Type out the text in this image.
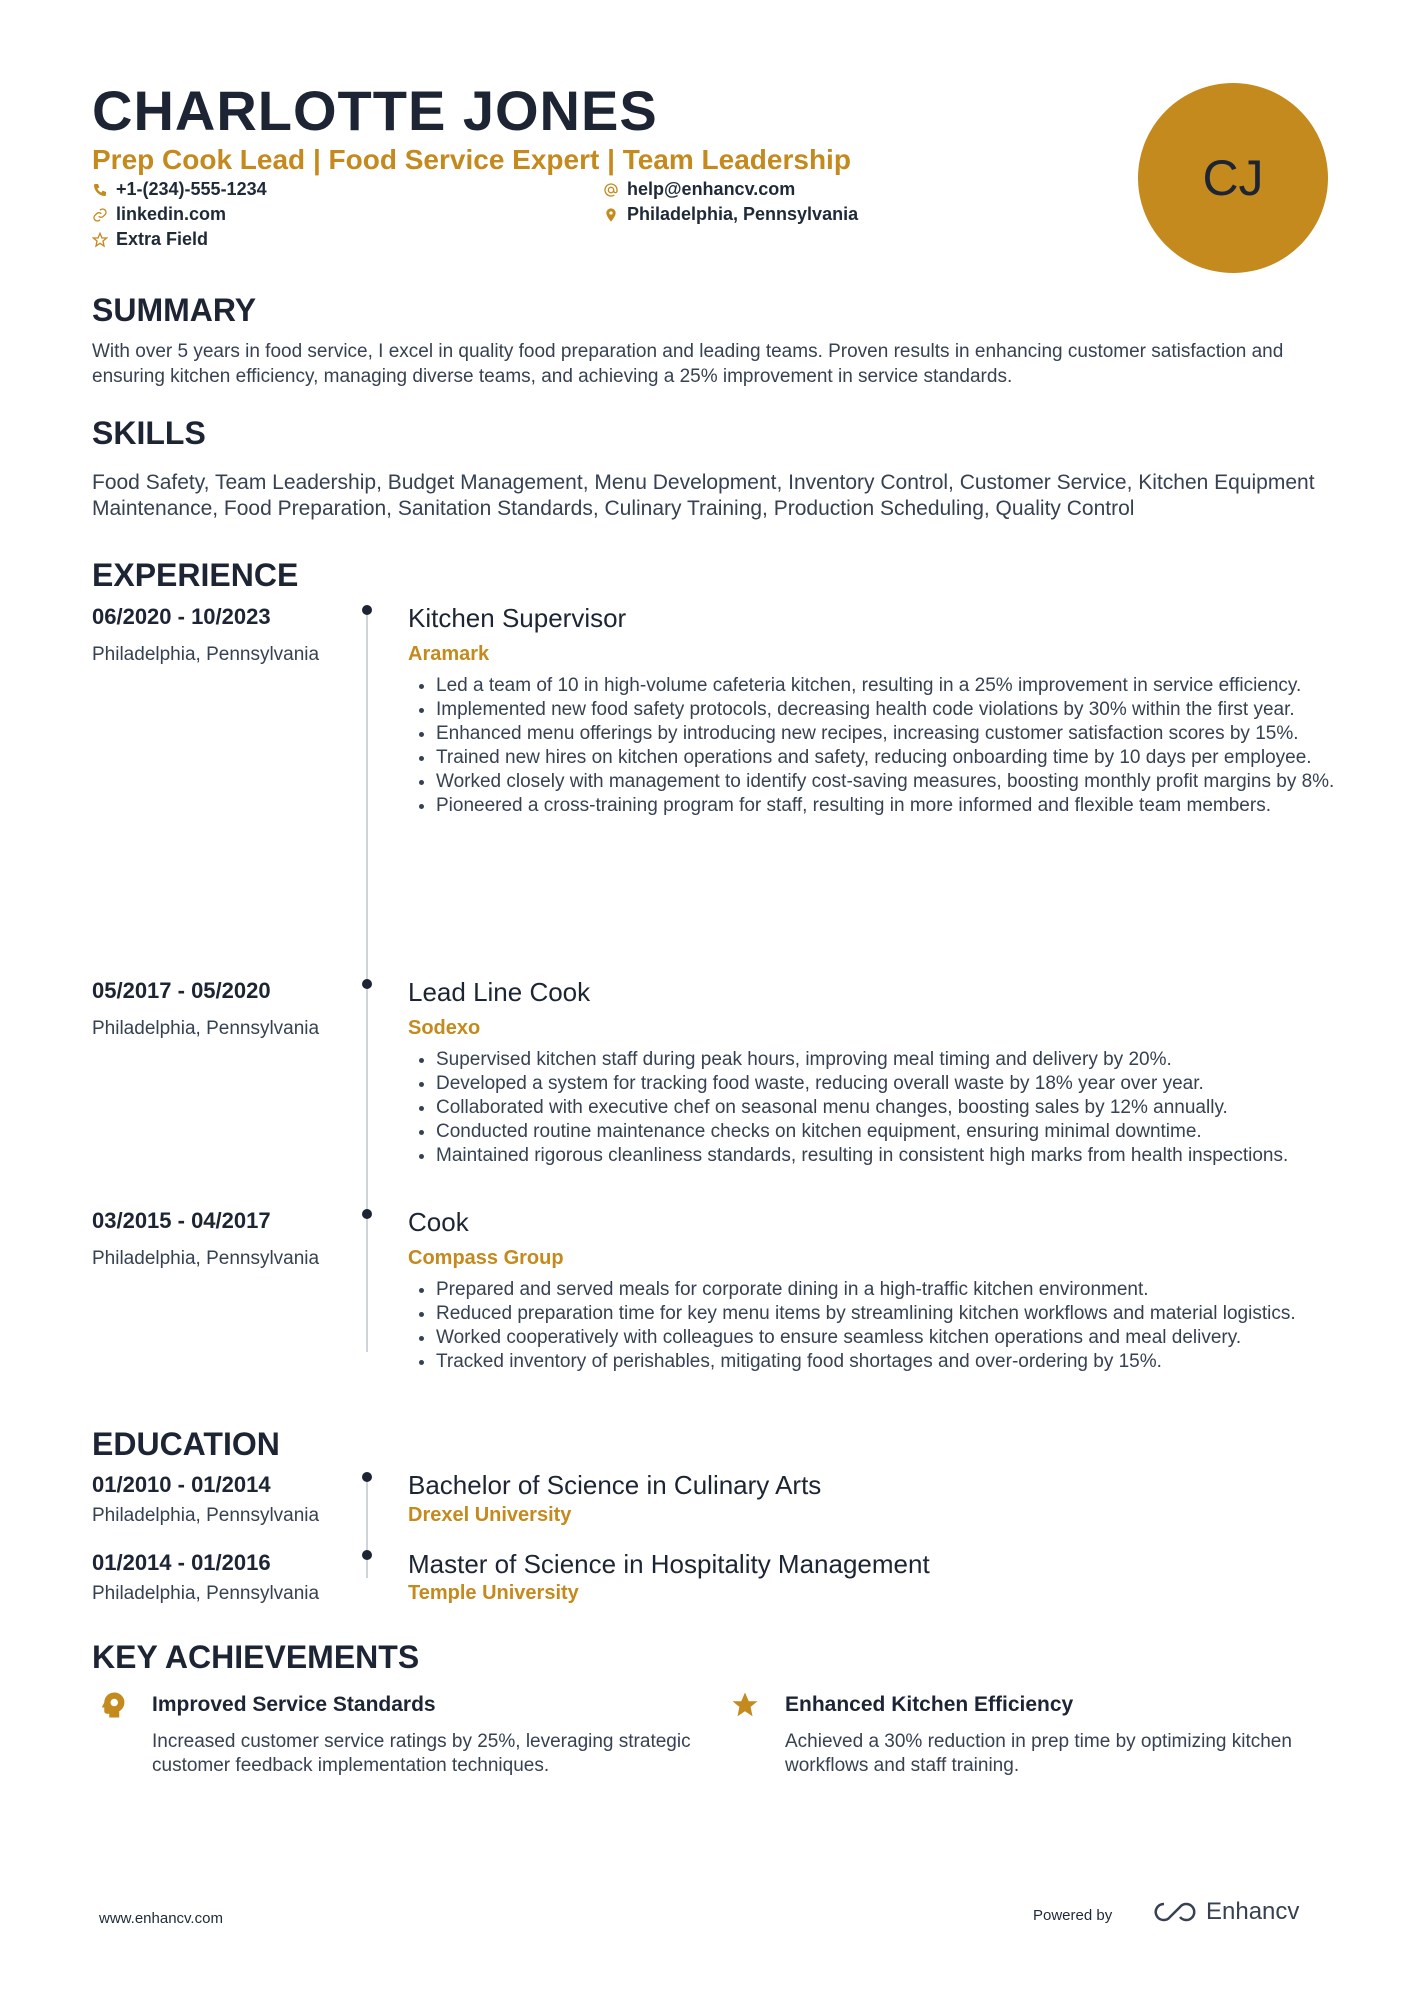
CHARLOTTE JONES
Prep Cook Lead | Food Service Expert | Team Leadership
+1-(234)-555-1234
linkedin.com
Extra Field
help@enhancv.com
Philadelphia, Pennsylvania
CJ
SUMMARY
With over 5 years in food service, I excel in quality food preparation and leading teams. Proven results in enhancing customer satisfaction and ensuring kitchen efficiency, managing diverse teams, and achieving a 25% improvement in service standards.
SKILLS
Food Safety, Team Leadership, Budget Management, Menu Development, Inventory Control, Customer Service, Kitchen Equipment Maintenance, Food Preparation, Sanitation Standards, Culinary Training, Production Scheduling, Quality Control
EXPERIENCE
06/2020 - 10/2023
Philadelphia, Pennsylvania
Kitchen Supervisor
Aramark
• Led a team of 10 in high-volume cafeteria kitchen, resulting in a 25% improvement in service efficiency.
• Implemented new food safety protocols, decreasing health code violations by 30% within the first year.
• Enhanced menu offerings by introducing new recipes, increasing customer satisfaction scores by 15%.
• Trained new hires on kitchen operations and safety, reducing onboarding time by 10 days per employee.
• Worked closely with management to identify cost-saving measures, boosting monthly profit margins by 8%.
• Pioneered a cross-training program for staff, resulting in more informed and flexible team members.
05/2017 - 05/2020
Philadelphia, Pennsylvania
Lead Line Cook
Sodexo
• Supervised kitchen staff during peak hours, improving meal timing and delivery by 20%.
• Developed a system for tracking food waste, reducing overall waste by 18% year over year.
• Collaborated with executive chef on seasonal menu changes, boosting sales by 12% annually.
• Conducted routine maintenance checks on kitchen equipment, ensuring minimal downtime.
• Maintained rigorous cleanliness standards, resulting in consistent high marks from health inspections.
03/2015 - 04/2017
Philadelphia, Pennsylvania
Cook
Compass Group
• Prepared and served meals for corporate dining in a high-traffic kitchen environment.
• Reduced preparation time for key menu items by streamlining kitchen workflows and material logistics.
• Worked cooperatively with colleagues to ensure seamless kitchen operations and meal delivery.
• Tracked inventory of perishables, mitigating food shortages and over-ordering by 15%.
EDUCATION
01/2010 - 01/2014
Philadelphia, Pennsylvania
Bachelor of Science in Culinary Arts
Drexel University
01/2014 - 01/2016
Philadelphia, Pennsylvania
Master of Science in Hospitality Management
Temple University
KEY ACHIEVEMENTS
Improved Service Standards
Increased customer service ratings by 25%, leveraging strategic customer feedback implementation techniques.
Enhanced Kitchen Efficiency
Achieved a 30% reduction in prep time by optimizing kitchen workflows and staff training.
www.enhancv.com	Powered by	Enhancv
